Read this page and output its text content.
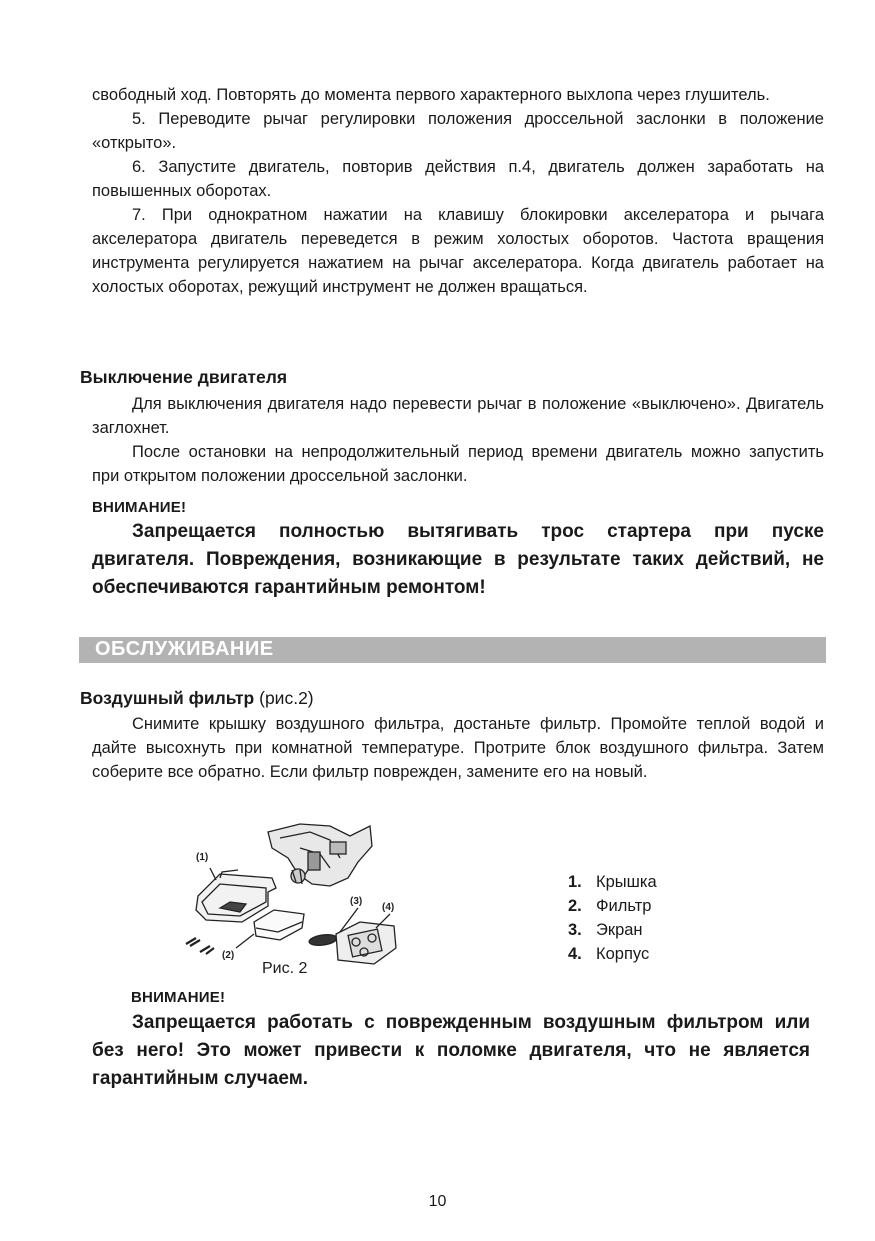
свободный ход. Повторять до момента первого характерного выхлопа через глушитель.

5. Переводите рычаг регулировки положения дроссельной заслонки в положение «открыто».

6. Запустите двигатель, повторив действия п.4, двигатель должен заработать на повышенных оборотах.

7. При однократном нажатии на клавишу блокировки акселератора и рычага акселератора двигатель переведется в режим холостых оборотов. Частота вращения инструмента регулируется нажатием на рычаг акселератора. Когда двигатель работает на холостых оборотах, режущий инструмент не должен вращаться.

Выключение двигателя

Для выключения двигателя надо перевести рычаг в положение «выключено». Двигатель заглохнет.

После остановки на непродолжительный период времени двигатель можно запустить при открытом положении дроссельной заслонки.

ВНИМАНИЕ!

Запрещается полностью вытягивать трос стартера при пуске двигателя. Повреждения, возникающие в результате таких действий, не обеспечиваются гарантийным ремонтом!

ОБСЛУЖИВАНИЕ
Воздушный фильтр (рис.2)

Снимите крышку воздушного фильтра, достаньте фильтр. Промойте теплой водой и дайте высохнуть при комнатной температуре. Протрите блок воздушного фильтра. Затем соберите все обратно. Если фильтр поврежден, замените его на новый.

(1)
(2)
(3)
(4)
Рис. 2
1. Крышка
2. Фильтр
3. Экран
4. Корпус
ВНИМАНИЕ!

Запрещается работать с поврежденным воздушным фильтром или без него! Это может привести к поломке двигателя, что не является гарантийным случаем.

10
